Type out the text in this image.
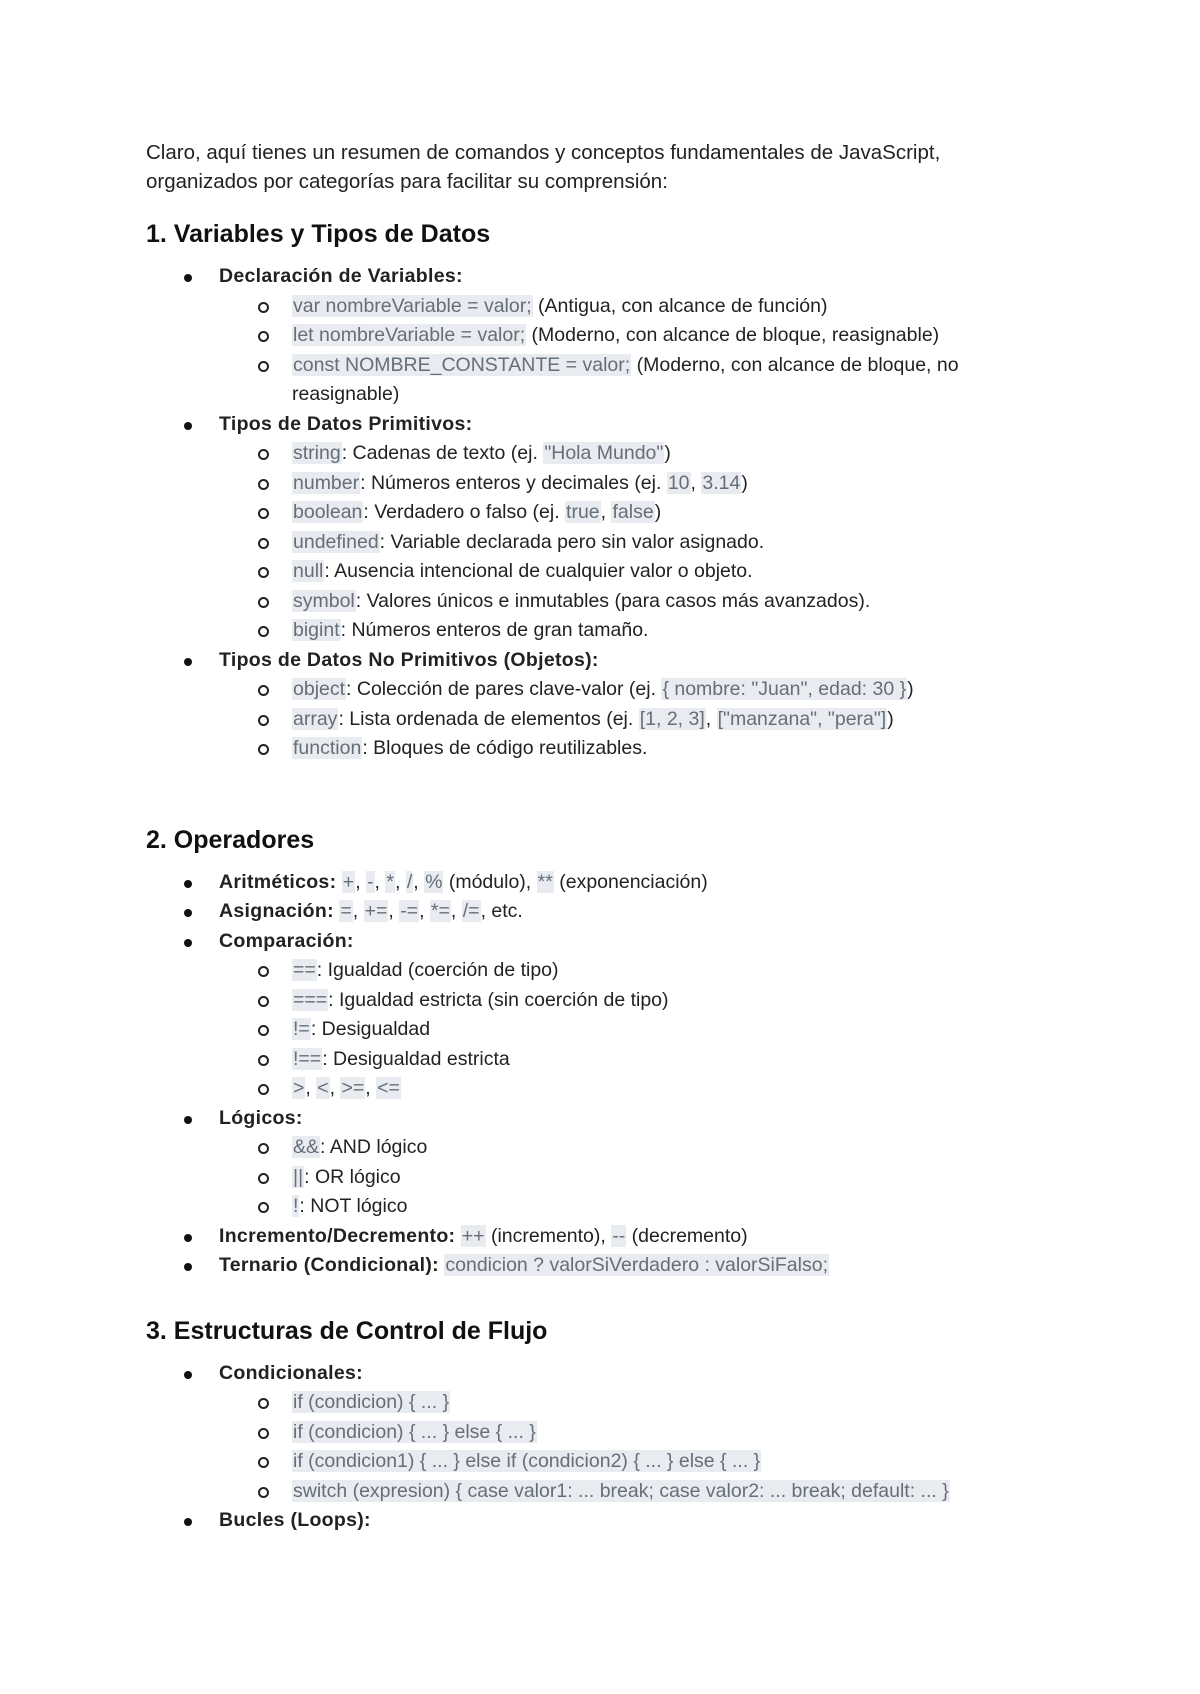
Claro, aquí tienes un resumen de comandos y conceptos fundamentales de JavaScript,
organizados por categorías para facilitar su comprensión:

1. Variables y Tipos de Datos
Declaración de Variables:
var nombreVariable = valor; (Antigua, con alcance de función)
let nombreVariable = valor; (Moderno, con alcance de bloque, reasignable)
const NOMBRE_CONSTANTE = valor; (Moderno, con alcance de bloque, no
reasignable)
Tipos de Datos Primitivos:
string: Cadenas de texto (ej. "Hola Mundo")
number: Números enteros y decimales (ej. 10, 3.14)
boolean: Verdadero o falso (ej. true, false)
undefined: Variable declarada pero sin valor asignado.
null: Ausencia intencional de cualquier valor o objeto.
symbol: Valores únicos e inmutables (para casos más avanzados).
bigint: Números enteros de gran tamaño.
Tipos de Datos No Primitivos (Objetos):
object: Colección de pares clave-valor (ej. { nombre: "Juan", edad: 30 })
array: Lista ordenada de elementos (ej. [1, 2, 3], ["manzana", "pera"])
function: Bloques de código reutilizables.
2. Operadores
Aritméticos: +, -, *, /, % (módulo), ** (exponenciación)
Asignación: =, +=, -=, *=, /=, etc.
Comparación:
==: Igualdad (coerción de tipo)
===: Igualdad estricta (sin coerción de tipo)
!=: Desigualdad
!==: Desigualdad estricta
>, <, >=, <=
Lógicos:
&&: AND lógico
||: OR lógico
!: NOT lógico
Incremento/Decremento: ++ (incremento), -- (decremento)
Ternario (Condicional): condicion ? valorSiVerdadero : valorSiFalso;
3. Estructuras de Control de Flujo
Condicionales:
if (condicion) { ... }
if (condicion) { ... } else { ... }
if (condicion1) { ... } else if (condicion2) { ... } else { ... }
switch (expresion) { case valor1: ... break; case valor2: ... break; default: ... }
Bucles (Loops):
